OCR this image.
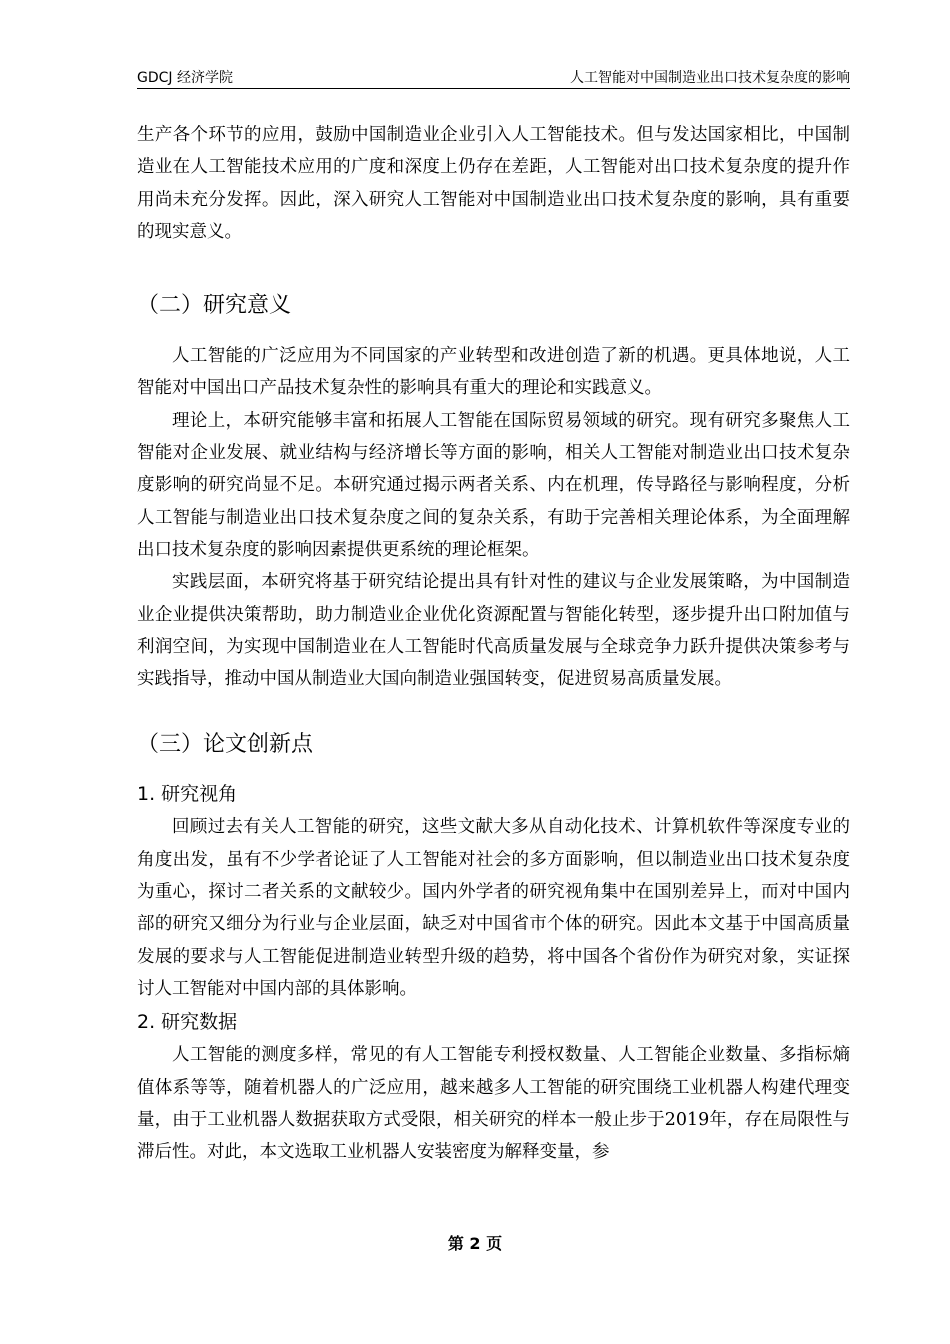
GDCJ 经济学院	人工智能对中国制造业出口技术复杂度的影响

生产各个环节的应用，鼓励中国制造业企业引入人工智能技术。但与发达国家相比，中国制造业在人工智能技术应用的广度和深度上仍存在差距，人工智能对出口技术复杂度的提升作用尚未充分发挥。因此，深入研究人工智能对中国制造业出口技术复杂度的影响，具有重要的现实意义。

（二）研究意义

人工智能的广泛应用为不同国家的产业转型和改进创造了新的机遇。更具体地说，人工智能对中国出口产品技术复杂性的影响具有重大的理论和实践意义。

理论上，本研究能够丰富和拓展人工智能在国际贸易领域的研究。现有研究多聚焦人工智能对企业发展、就业结构与经济增长等方面的影响，相关人工智能对制造业出口技术复杂度影响的研究尚显不足。本研究通过揭示两者关系、内在机理，传导路径与影响程度，分析人工智能与制造业出口技术复杂度之间的复杂关系，有助于完善相关理论体系，为全面理解出口技术复杂度的影响因素提供更系统的理论框架。

实践层面，本研究将基于研究结论提出具有针对性的建议与企业发展策略，为中国制造业企业提供决策帮助，助力制造业企业优化资源配置与智能化转型，逐步提升出口附加值与利润空间，为实现中国制造业在人工智能时代高质量发展与全球竞争力跃升提供决策参考与实践指导，推动中国从制造业大国向制造业强国转变，促进贸易高质量发展。

（三）论文创新点
1. 研究视角

回顾过去有关人工智能的研究，这些文献大多从自动化技术、计算机软件等深度专业的角度出发，虽有不少学者论证了人工智能对社会的多方面影响，但以制造业出口技术复杂度为重心，探讨二者关系的文献较少。国内外学者的研究视角集中在国别差异上，而对中国内部的研究又细分为行业与企业层面，缺乏对中国省市个体的研究。因此本文基于中国高质量发展的要求与人工智能促进制造业转型升级的趋势，将中国各个省份作为研究对象，实证探讨人工智能对中国内部的具体影响。

2. 研究数据

人工智能的测度多样，常见的有人工智能专利授权数量、人工智能企业数量、多指标熵值体系等等，随着机器人的广泛应用，越来越多人工智能的研究围绕工业机器人构建代理变量，由于工业机器人数据获取方式受限，相关研究的样本一般止步于2019年，存在局限性与滞后性。对此，本文选取工业机器人安装密度为解释变量，参

第 2 页
